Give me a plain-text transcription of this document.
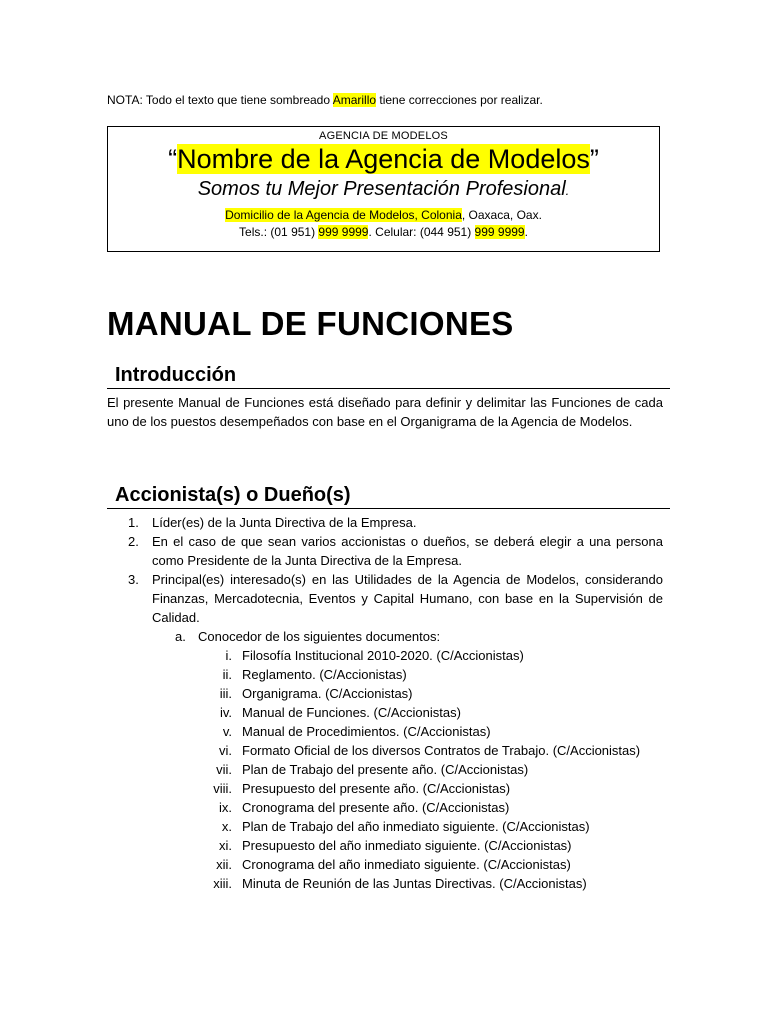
NOTA: Todo el texto que tiene sombreado Amarillo tiene correcciones por realizar.
AGENCIA DE MODELOS
“Nombre de la Agencia de Modelos”
Somos tu Mejor Presentación Profesional.
Domicilio de la Agencia de Modelos, Colonia, Oaxaca, Oax.
Tels.: (01 951) 999 9999. Celular: (044 951) 999 9999.
MANUAL DE FUNCIONES
Introducción

El presente Manual de Funciones está diseñado para definir y delimitar las Funciones de cada uno de los puestos desempeñados con base en el Organigrama de la Agencia de Modelos.

Accionista(s) o Dueño(s)
1. Líder(es) de la Junta Directiva de la Empresa.
2. En el caso de que sean varios accionistas o dueños, se deberá elegir a una persona como Presidente de la Junta Directiva de la Empresa.
3. Principal(es) interesado(s) en las Utilidades de la Agencia de Modelos, considerando Finanzas, Mercadotecnia, Eventos y Capital Humano, con base en la Supervisión de Calidad.
a. Conocedor de los siguientes documentos:
i. Filosofía Institucional 2010-2020. (C/Accionistas)
ii. Reglamento. (C/Accionistas)
iii. Organigrama. (C/Accionistas)
iv. Manual de Funciones. (C/Accionistas)
v. Manual de Procedimientos. (C/Accionistas)
vi. Formato Oficial de los diversos Contratos de Trabajo. (C/Accionistas)
vii. Plan de Trabajo del presente año. (C/Accionistas)
viii. Presupuesto del presente año. (C/Accionistas)
ix. Cronograma del presente año. (C/Accionistas)
x. Plan de Trabajo del año inmediato siguiente. (C/Accionistas)
xi. Presupuesto del año inmediato siguiente. (C/Accionistas)
xii. Cronograma del año inmediato siguiente. (C/Accionistas)
xiii. Minuta de Reunión de las Juntas Directivas. (C/Accionistas)
